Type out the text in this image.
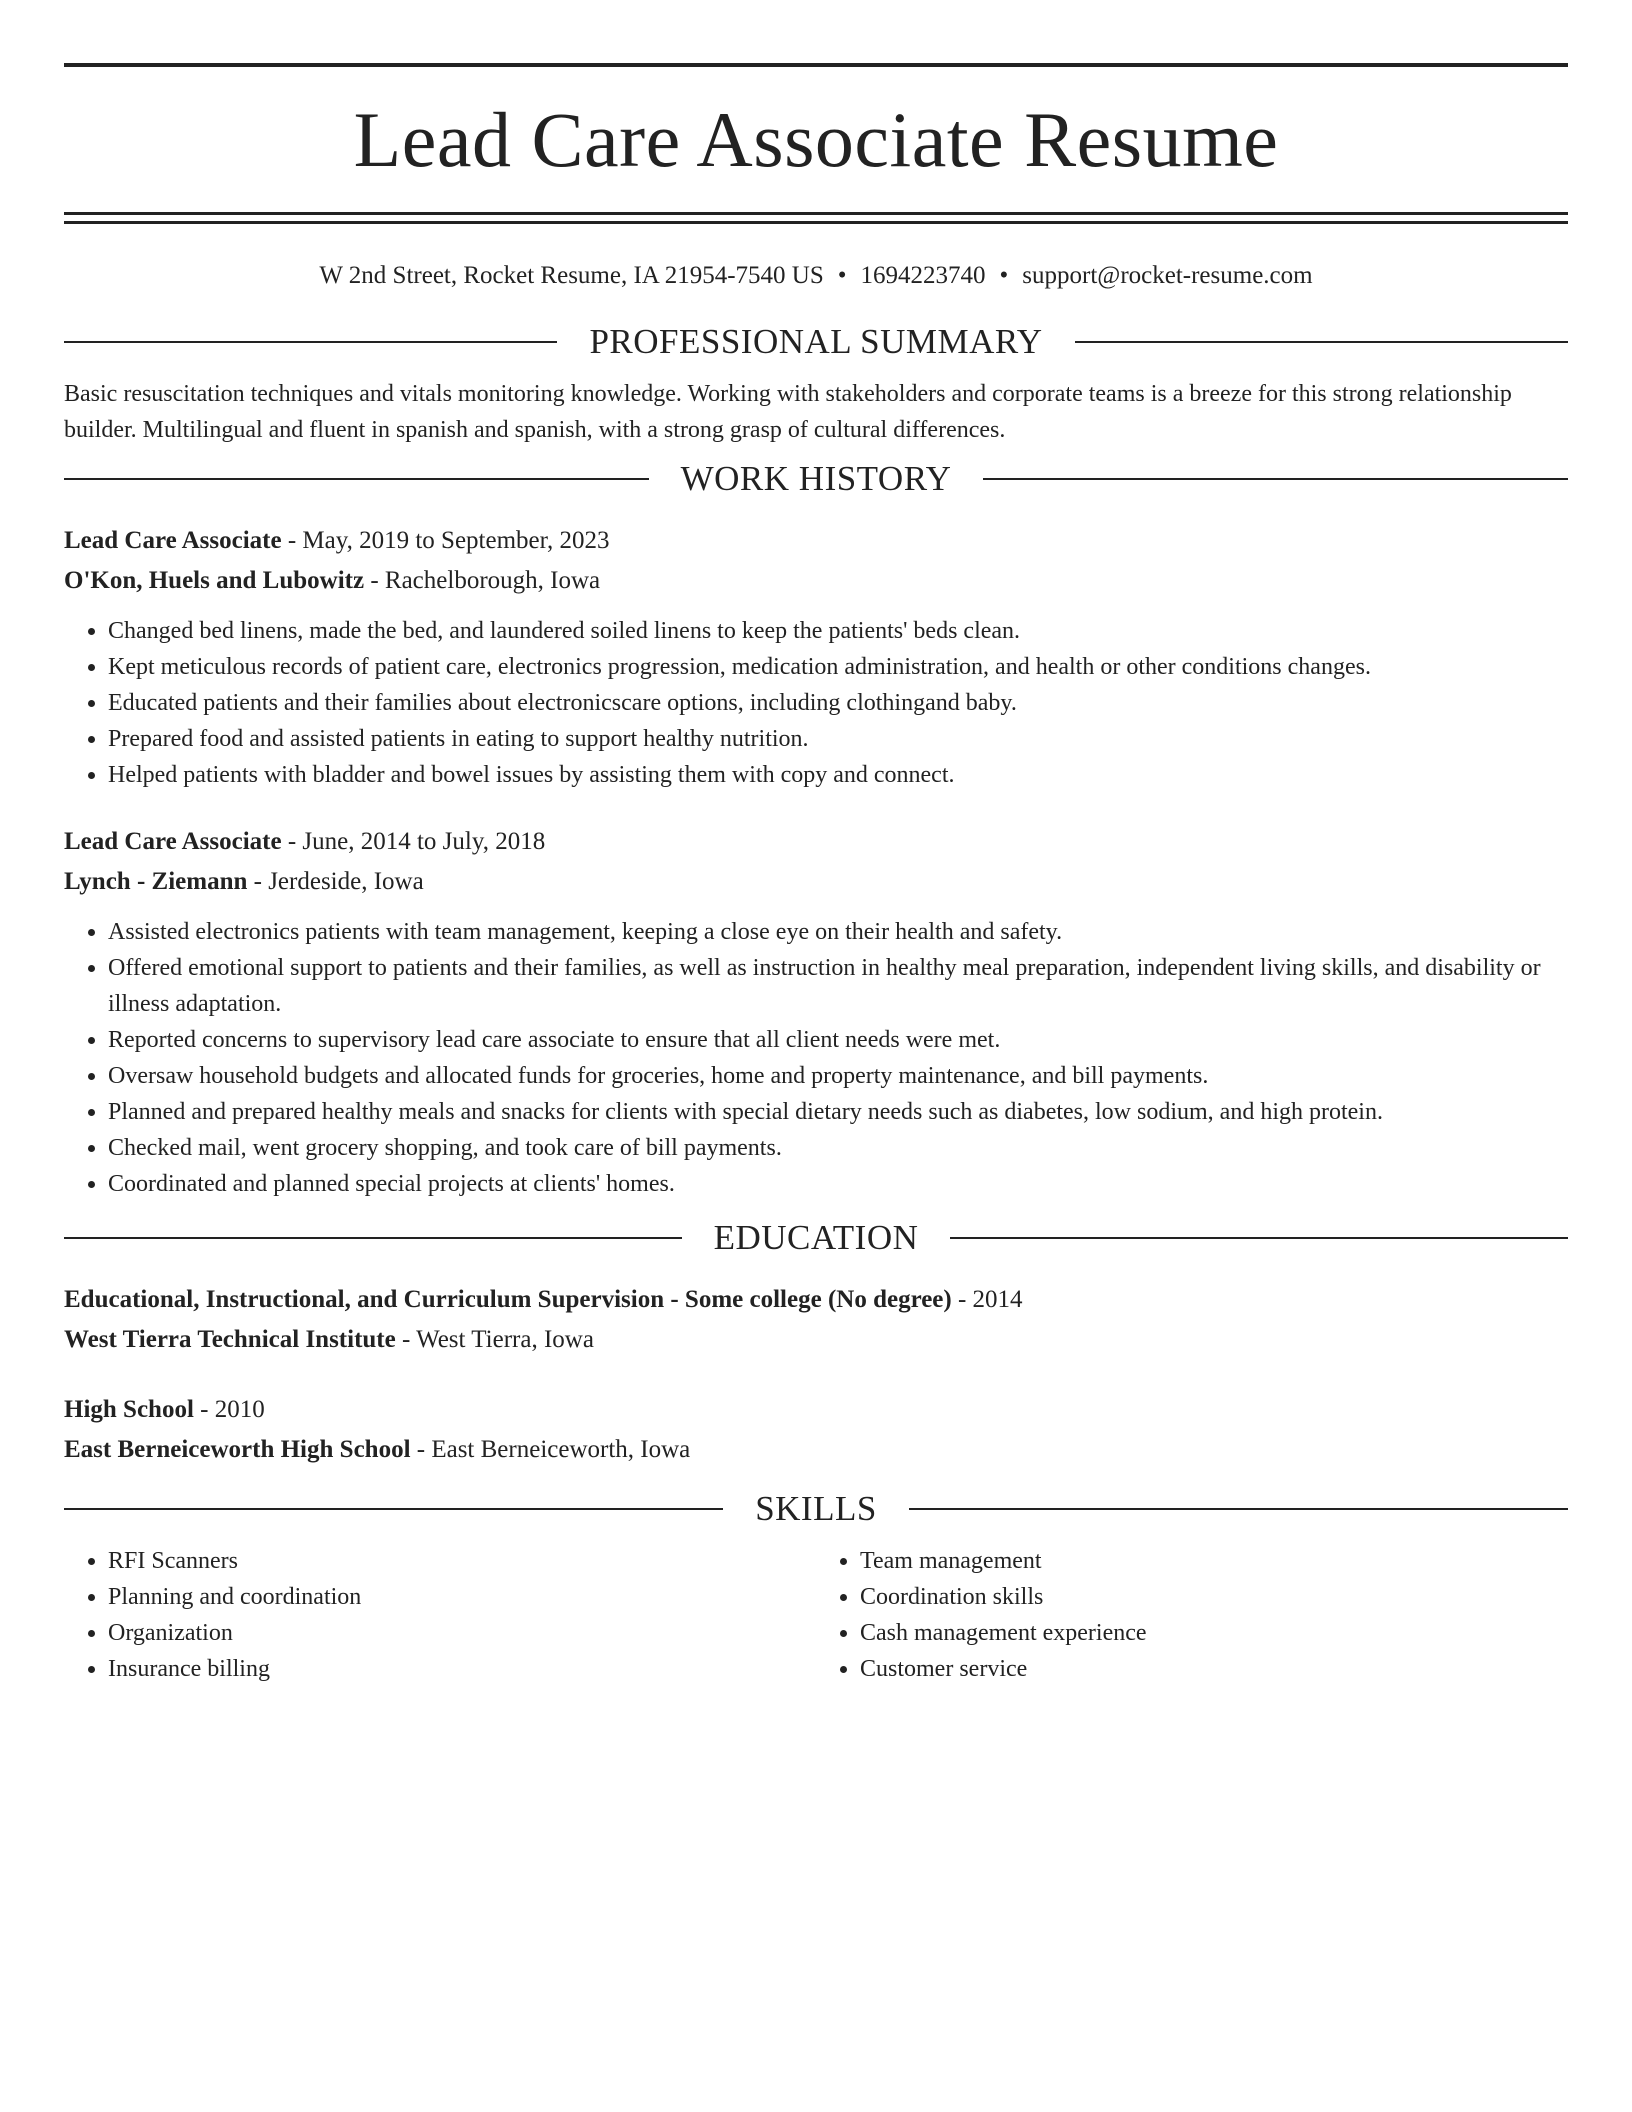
Lead Care Associate Resume
W 2nd Street, Rocket Resume, IA 21954-7540 US • 1694223740 • support@rocket-resume.com
PROFESSIONAL SUMMARY

Basic resuscitation techniques and vitals monitoring knowledge. Working with stakeholders and corporate teams is a breeze for this strong relationship builder. Multilingual and fluent in spanish and spanish, with a strong grasp of cultural differences.

WORK HISTORY
Lead Care Associate - May, 2019 to September, 2023
O'Kon, Huels and Lubowitz - Rachelborough, Iowa
• Changed bed linens, made the bed, and laundered soiled linens to keep the patients' beds clean.
• Kept meticulous records of patient care, electronics progression, medication administration, and health or other conditions changes.
• Educated patients and their families about electronicscare options, including clothingand baby.
• Prepared food and assisted patients in eating to support healthy nutrition.
• Helped patients with bladder and bowel issues by assisting them with copy and connect.
Lead Care Associate - June, 2014 to July, 2018
Lynch - Ziemann - Jerdeside, Iowa
• Assisted electronics patients with team management, keeping a close eye on their health and safety.
• Offered emotional support to patients and their families, as well as instruction in healthy meal preparation, independent living skills, and disability or illness adaptation.
• Reported concerns to supervisory lead care associate to ensure that all client needs were met.
• Oversaw household budgets and allocated funds for groceries, home and property maintenance, and bill payments.
• Planned and prepared healthy meals and snacks for clients with special dietary needs such as diabetes, low sodium, and high protein.
• Checked mail, went grocery shopping, and took care of bill payments.
• Coordinated and planned special projects at clients' homes.
EDUCATION
Educational, Instructional, and Curriculum Supervision - Some college (No degree) - 2014
West Tierra Technical Institute - West Tierra, Iowa
High School - 2010
East Berneiceworth High School - East Berneiceworth, Iowa
SKILLS
• RFI Scanners
• Planning and coordination
• Organization
• Insurance billing
• Team management
• Coordination skills
• Cash management experience
• Customer service
